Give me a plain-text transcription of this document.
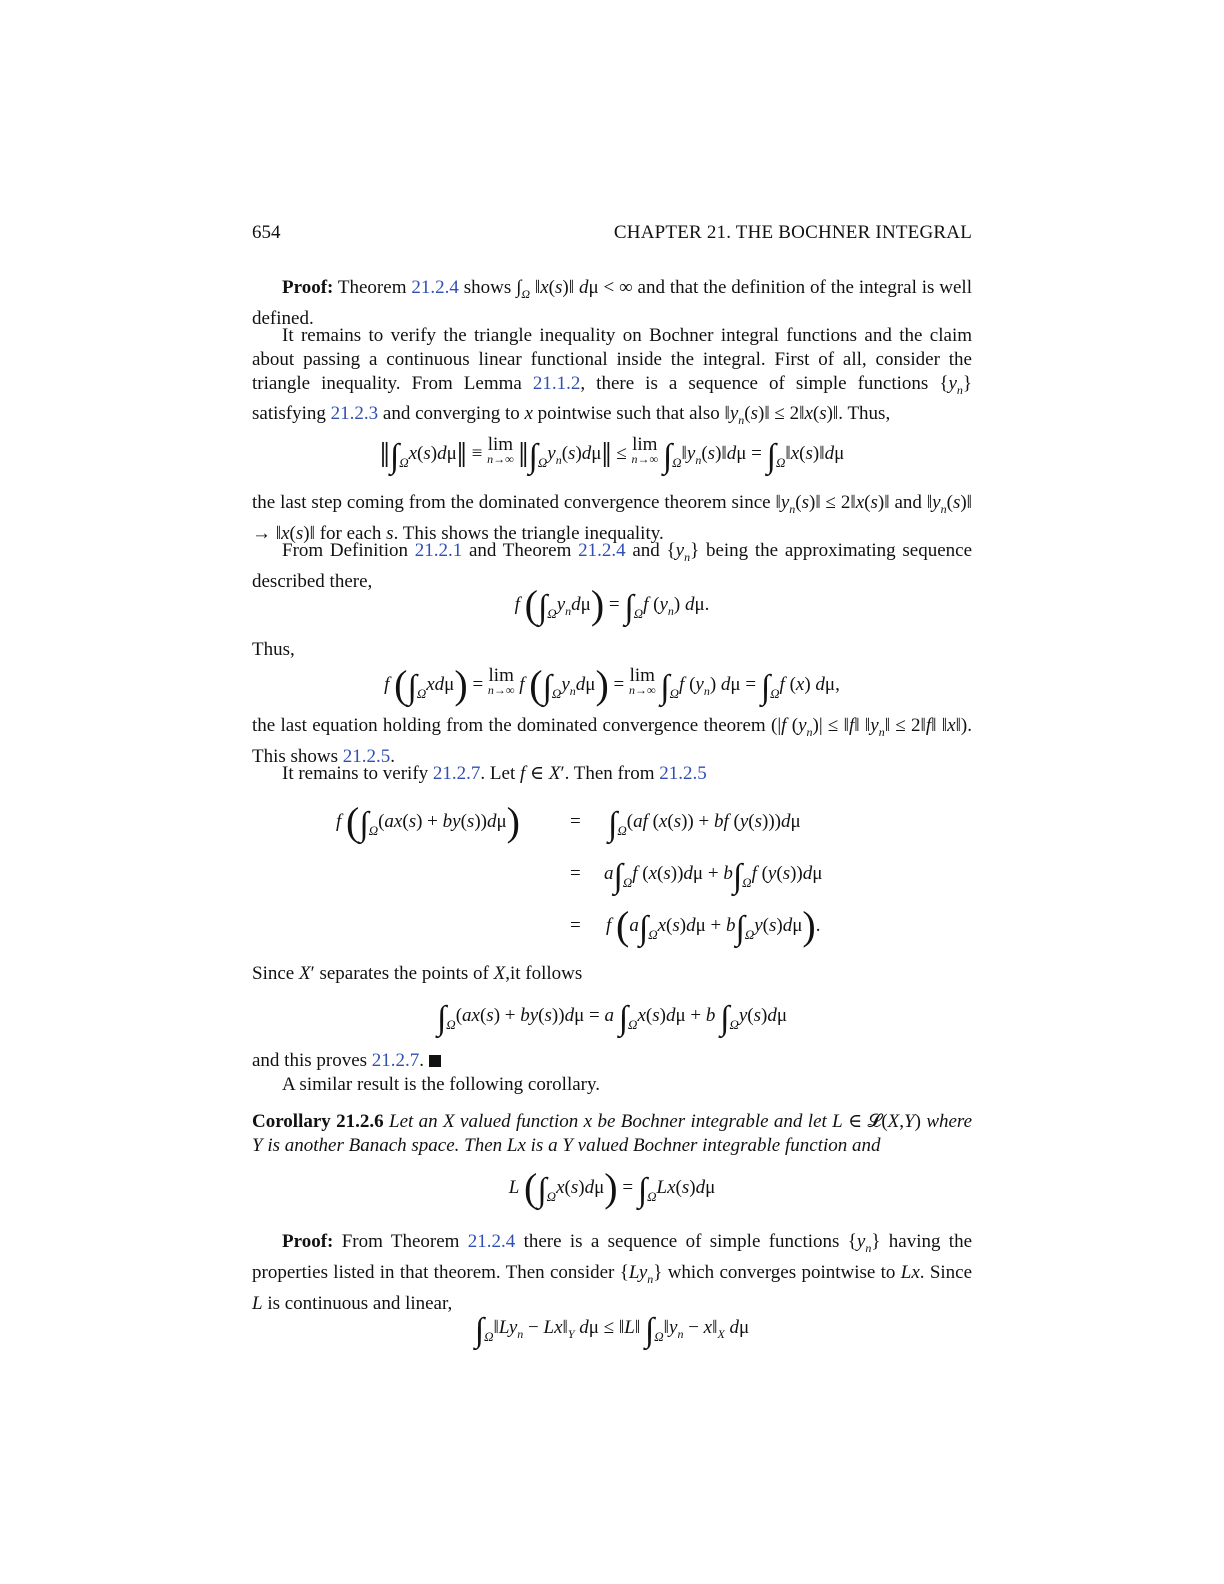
654	CHAPTER 21. THE BOCHNER INTEGRAL
Proof: Theorem 21.2.4 shows $\int_\Omega$ ‖x(s)‖ dμ < ∞ and that the definition of the integral is well defined.
It remains to verify the triangle inequality on Bochner integral functions and the claim about passing a continuous linear functional inside the integral. First of all, consider the triangle inequality. From Lemma 21.1.2, there is a sequence of simple functions $\{y_n\}$ satisfying 21.2.3 and converging to x pointwise such that also $‖y_n(s)‖$ ≤ 2‖x(s)‖. Thus,
$‖\int_\Omega x(s)d\mu‖ \equiv \lim$
n→∞ $‖\int_\Omega y_n(s)d\mu‖ \le \lim$
n→∞ $\int_\Omega‖y_n(s)‖d\mu$ = $\int_\Omega‖x(s)‖d\mu$
the last step coming from the dominated convergence theorem since $‖y_n(s)‖$ ≤ 2‖x(s)‖ and $‖y_n(s)‖$ → ‖x(s)‖ for each s. This shows the triangle inequality.
From Definition 21.2.1 and Theorem 21.2.4 and $\{y_n\}$ being the approximating sequence described there,
f $(\int_\Omega y_nd\mu) = \int_\Omega f$ $(y_n)$ dμ.
Thus,
f $(\int_\Omega xd\mu) = \lim$
n→∞ f $(\int_\Omega y_nd\mu) = \lim$
n→∞ $\int_\Omega f$ $(y_n) d\mu = \int_\Omega f$ (x) dμ,
the last equation holding from the dominated convergence theorem (|f $(y_n)|$ ≤ ‖f‖ $‖y_n‖$ ≤ 2‖f‖ ‖x‖). This shows 21.2.5.
It remains to verify 21.2.7. Let f ∈ X′. Then from 21.2.5
f $(\int_\Omega(ax(s) + by(s))d\mu)$	= $\int_\Omega(af$ (x(s)) + bf (y(s)))dμ
= $a\int_\Omega f$ $(x(s))d\mu + b\int_\Omega f$ (y(s))dμ
= f $(a\int_\Omega x(s)d\mu + b\int_\Omega y(s)d\mu)$.
Since X′ separates the points of X,it follows
$\int_\Omega(ax(s) + by(s))d\mu = a$ $\int_\Omega x(s)d\mu + b$ $\int_\Omega y(s)d\mu$
and this proves 21.2.7.
A similar result is the following corollary.
Corollary 21.2.6 Let an X valued function x be Bochner integrable and let L ∈ 𝓛(X,Y) where Y is another Banach space. Then Lx is a Y valued Bochner integrable function and
L $(\int_\Omega x(s)d\mu) = \int_\Omega Lx(s)d\mu$
Proof: From Theorem 21.2.4 there is a sequence of simple functions $\{y_n\}$ having the properties listed in that theorem. Then consider $\{Ly_n\}$ which converges pointwise to Lx. Since L is continuous and linear,
$\int_\Omega‖Ly_n$ − $Lx‖_Y$ dμ ≤ ‖L‖ $\int_\Omega‖y_n$ − $x‖_X$ dμ
